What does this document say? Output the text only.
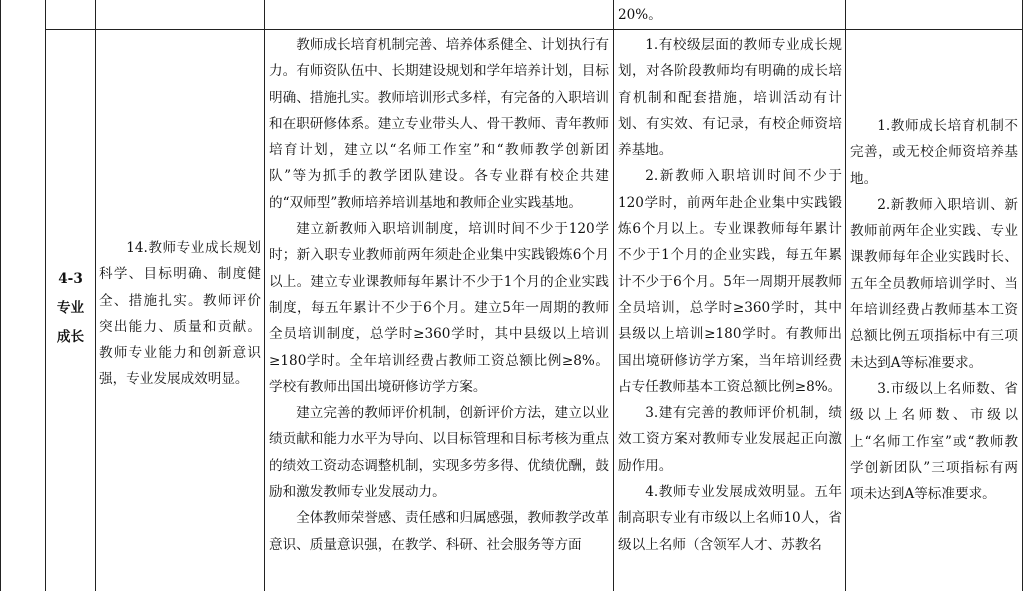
20%。
4-3
专业
成长

14.教师专业成长规划科学、目标明确、制度健全、措施扎实。教师评价突出能力、质量和贡献。教师专业能力和创新意识强，专业发展成效明显。

教师成长培育机制完善、培养体系健全、计划执行有力。有师资队伍中、长期建设规划和学年培养计划，目标明确、措施扎实。教师培训形式多样，有完备的入职培训和在职研修体系。建立专业带头人、骨干教师、青年教师培育计划，建立以“名师工作室”和“教师教学创新团队”等为抓手的教学团队建设。各专业群有校企共建的“双师型”教师培养培训基地和教师企业实践基地。

建立新教师入职培训制度，培训时间不少于120学时；新入职专业教师前两年须赴企业集中实践锻炼6个月以上。建立专业课教师每年累计不少于1个月的企业实践制度，每五年累计不少于6个月。建立5年一周期的教师全员培训制度，总学时≥360学时，其中县级以上培训≥180学时。全年培训经费占教师工资总额比例≥8%。学校有教师出国出境研修访学方案。

建立完善的教师评价机制，创新评价方法，建立以业绩贡献和能力水平为导向、以目标管理和目标考核为重点的绩效工资动态调整机制，实现多劳多得、优绩优酬，鼓励和激发教师专业发展动力。

全体教师荣誉感、责任感和归属感强，教师教学改革意识、质量意识强，在教学、科研、社会服务等方面

1.有校级层面的教师专业成长规划，对各阶段教师均有明确的成长培育机制和配套措施，培训活动有计划、有实效、有记录，有校企师资培养基地。

2.新教师入职培训时间不少于120学时，前两年赴企业集中实践锻炼6个月以上。专业课教师每年累计不少于1个月的企业实践，每五年累计不少于6个月。5年一周期开展教师全员培训，总学时≥360学时，其中县级以上培训≥180学时。有教师出国出境研修访学方案，当年培训经费占专任教师基本工资总额比例≥8%。

3.建有完善的教师评价机制，绩效工资方案对教师专业发展起正向激励作用。

4.教师专业发展成效明显。五年制高职专业有市级以上名师10人，省级以上名师（含领军人才、苏教名

1.教师成长培育机制不完善，或无校企师资培养基地。

2.新教师入职培训、新教师前两年企业实践、专业课教师每年企业实践时长、五年全员教师培训学时、当年培训经费占教师基本工资总额比例五项指标中有三项未达到A等标准要求。

3.市级以上名师数、省级以上名师数、市级以上“名师工作室”或“教师教学创新团队”三项指标有两项未达到A等标准要求。
